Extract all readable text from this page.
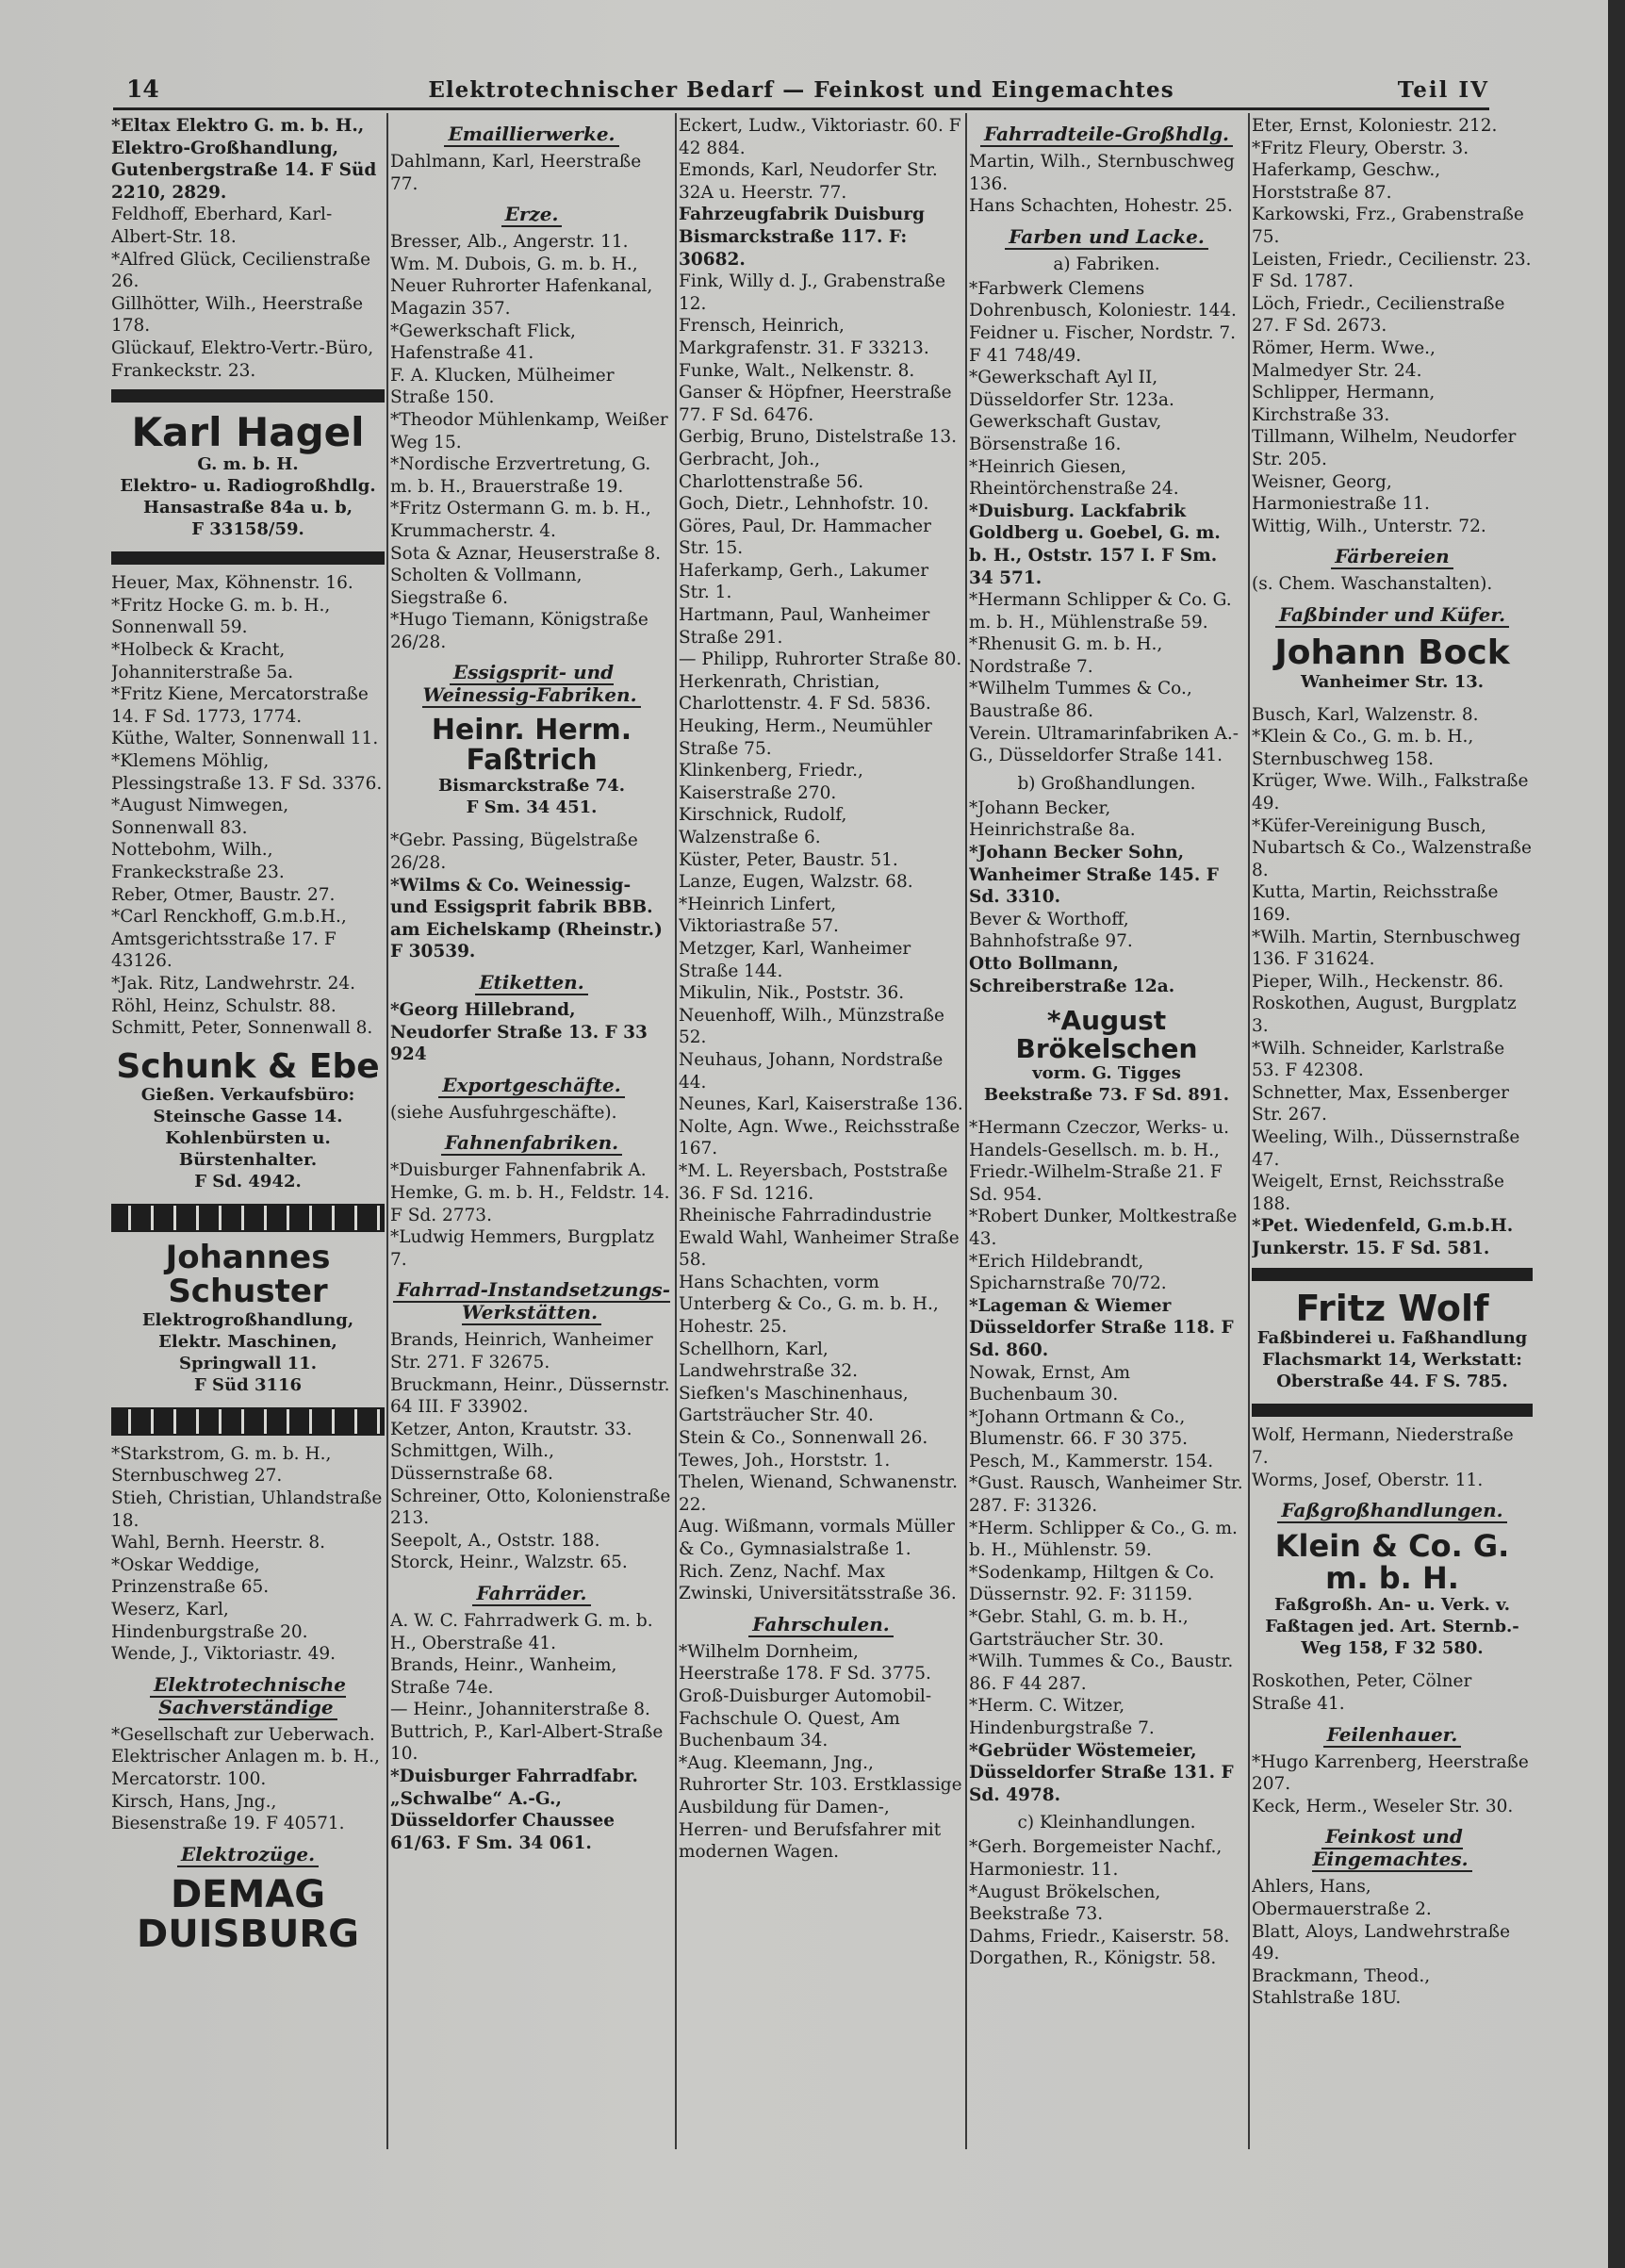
14	Elektrotechnischer Bedarf — Feinkost und Eingemachtes	Teil IV

*Eltax Elektro G. m. b. H., Elektro-Großhandlung, Gutenbergstraße 14. F Süd 2210, 2829.

Feldhoff, Eberhard, Karl-Albert-Str. 18.

*Alfred Glück, Cecilienstraße 26.

Gillhötter, Wilh., Heerstraße 178.

Glückauf, Elektro-Vertr.-Büro, Frankeckstr. 23.

Karl Hagel
G. m. b. H.
Elektro- u. Radiogroßhdlg.
Hansastraße 84a u. b,
F 33158/59.

Heuer, Max, Köhnenstr. 16.

*Fritz Hocke G. m. b. H., Sonnenwall 59.

*Holbeck & Kracht, Johanniterstraße 5a.

*Fritz Kiene, Mercatorstraße 14. F Sd. 1773, 1774.

Küthe, Walter, Sonnenwall 11.

*Klemens Möhlig, Plessingstraße 13. F Sd. 3376.

*August Nimwegen, Sonnenwall 83.

Nottebohm, Wilh., Frankeckstraße 23.

Reber, Otmer, Baustr. 27.

*Carl Renckhoff, G.m.b.H., Amtsgerichtsstraße 17. F 43126.

*Jak. Ritz, Landwehrstr. 24.

Röhl, Heinz, Schulstr. 88.

Schmitt, Peter, Sonnenwall 8.

Schunk & Ebe
Gießen. Verkaufsbüro: Steinsche Gasse 14. Kohlenbürsten u. Bürstenhalter.
F Sd. 4942.
Johannes Schuster
Elektrogroßhandlung, Elektr. Maschinen, Springwall 11.
F Süd 3116

*Starkstrom, G. m. b. H., Sternbuschweg 27.

Stieh, Christian, Uhlandstraße 18.

Wahl, Bernh. Heerstr. 8.

*Oskar Weddige, Prinzenstraße 65.

Weserz, Karl, Hindenburgstraße 20.

Wende, J., Viktoriastr. 49.

Elektrotechnische Sachverständige

*Gesellschaft zur Ueberwach. Elektrischer Anlagen m. b. H., Mercatorstr. 100.

Kirsch, Hans, Jng., Biesenstraße 19. F 40571.

Elektrozüge.
DEMAG DUISBURG
Emaillierwerke.

Dahlmann, Karl, Heerstraße 77.

Erze.

Bresser, Alb., Angerstr. 11.

Wm. M. Dubois, G. m. b. H., Neuer Ruhrorter Hafenkanal, Magazin 357.

*Gewerkschaft Flick, Hafenstraße 41.

F. A. Klucken, Mülheimer Straße 150.

*Theodor Mühlenkamp, Weißer Weg 15.

*Nordische Erzvertretung, G. m. b. H., Brauerstraße 19.

*Fritz Ostermann G. m. b. H., Krummacherstr. 4.

Sota & Aznar, Heuserstraße 8.

Scholten & Vollmann, Siegstraße 6.

*Hugo Tiemann, Königstraße 26/28.

Essigsprit- und Weinessig-Fabriken.
Heinr. Herm. Faßtrich
Bismarckstraße 74.
F Sm. 34 451.

*Gebr. Passing, Bügelstraße 26/28.

*Wilms & Co. Weinessig- und Essigsprit fabrik BBB. am Eichelskamp (Rheinstr.) F 30539.

Etiketten.

*Georg Hillebrand, Neudorfer Straße 13. F 33 924

Exportgeschäfte.

(siehe Ausfuhrgeschäfte).

Fahnenfabriken.

*Duisburger Fahnenfabrik A. Hemke, G. m. b. H., Feldstr. 14. F Sd. 2773.

*Ludwig Hemmers, Burgplatz 7.

Fahrrad-Instandsetzungs-Werkstätten.

Brands, Heinrich, Wanheimer Str. 271. F 32675.

Bruckmann, Heinr., Düssernstr. 64 III. F 33902.

Ketzer, Anton, Krautstr. 33.

Schmittgen, Wilh., Düssernstraße 68.

Schreiner, Otto, Kolonienstraße 213.

Seepolt, A., Oststr. 188.

Storck, Heinr., Walzstr. 65.

Fahrräder.

A. W. C. Fahrradwerk G. m. b. H., Oberstraße 41.

Brands, Heinr., Wanheim, Straße 74e.

— Heinr., Johanniterstraße 8.

Buttrich, P., Karl-Albert-Straße 10.

*Duisburger Fahrradfabr. „Schwalbe“ A.-G., Düsseldorfer Chaussee 61/63. F Sm. 34 061.

Eckert, Ludw., Viktoriastr. 60. F 42 884.

Emonds, Karl, Neudorfer Str. 32A u. Heerstr. 77.

Fahrzeugfabrik Duisburg Bismarckstraße 117. F: 30682.

Fink, Willy d. J., Grabenstraße 12.

Frensch, Heinrich, Markgrafenstr. 31. F 33213.

Funke, Walt., Nelkenstr. 8.

Ganser & Höpfner, Heerstraße 77. F Sd. 6476.

Gerbig, Bruno, Distelstraße 13.

Gerbracht, Joh., Charlottenstraße 56.

Goch, Dietr., Lehnhofstr. 10.

Göres, Paul, Dr. Hammacher Str. 15.

Haferkamp, Gerh., Lakumer Str. 1.

Hartmann, Paul, Wanheimer Straße 291.

— Philipp, Ruhrorter Straße 80.

Herkenrath, Christian, Charlottenstr. 4. F Sd. 5836.

Heuking, Herm., Neumühler Straße 75.

Klinkenberg, Friedr., Kaiserstraße 270.

Kirschnick, Rudolf, Walzenstraße 6.

Küster, Peter, Baustr. 51.

Lanze, Eugen, Walzstr. 68.

*Heinrich Linfert, Viktoriastraße 57.

Metzger, Karl, Wanheimer Straße 144.

Mikulin, Nik., Poststr. 36.

Neuenhoff, Wilh., Münzstraße 52.

Neuhaus, Johann, Nordstraße 44.

Neunes, Karl, Kaiserstraße 136.

Nolte, Agn. Wwe., Reichsstraße 167.

*M. L. Reyersbach, Poststraße 36. F Sd. 1216.

Rheinische Fahrradindustrie Ewald Wahl, Wanheimer Straße 58.

Hans Schachten, vorm Unterberg & Co., G. m. b. H., Hohestr. 25.

Schellhorn, Karl, Landwehrstraße 32.

Siefken's Maschinenhaus, Gartsträucher Str. 40.

Stein & Co., Sonnenwall 26.

Tewes, Joh., Horststr. 1.

Thelen, Wienand, Schwanenstr. 22.

Aug. Wißmann, vormals Müller & Co., Gymnasialstraße 1.

Rich. Zenz, Nachf. Max Zwinski, Universitätsstraße 36.

Fahrschulen.

*Wilhelm Dornheim, Heerstraße 178. F Sd. 3775.

Groß-Duisburger Automobil-Fachschule O. Quest, Am Buchenbaum 34.

*Aug. Kleemann, Jng., Ruhrorter Str. 103. Erstklassige Ausbildung für Damen-, Herren- und Berufsfahrer mit modernen Wagen.

Fahrradteile-Großhdlg.

Martin, Wilh., Sternbuschweg 136.

Hans Schachten, Hohestr. 25.

Farben und Lacke.
a) Fabriken.

*Farbwerk Clemens Dohrenbusch, Koloniestr. 144.

Feidner u. Fischer, Nordstr. 7. F 41 748/49.

*Gewerkschaft Ayl II, Düsseldorfer Str. 123a.

Gewerkschaft Gustav, Börsenstraße 16.

*Heinrich Giesen, Rheintörchenstraße 24.

*Duisburg. Lackfabrik Goldberg u. Goebel, G. m. b. H., Oststr. 157 I. F Sm. 34 571.

*Hermann Schlipper & Co. G. m. b. H., Mühlenstraße 59.

*Rhenusit G. m. b. H., Nordstraße 7.

*Wilhelm Tummes & Co., Baustraße 86.

Verein. Ultramarinfabriken A.-G., Düsseldorfer Straße 141.

b) Großhandlungen.

*Johann Becker, Heinrichstraße 8a.

*Johann Becker Sohn, Wanheimer Straße 145. F Sd. 3310.

Bever & Worthoff, Bahnhofstraße 97.

Otto Bollmann, Schreiberstraße 12a.

*August Brökelschen
vorm. G. Tigges
Beekstraße 73. F Sd. 891.

*Hermann Czeczor, Werks- u. Handels-Gesellsch. m. b. H., Friedr.-Wilhelm-Straße 21. F Sd. 954.

*Robert Dunker, Moltkestraße 43.

*Erich Hildebrandt, Spicharnstraße 70/72.

*Lageman & Wiemer Düsseldorfer Straße 118. F Sd. 860.

Nowak, Ernst, Am Buchenbaum 30.

*Johann Ortmann & Co., Blumenstr. 66. F 30 375.

Pesch, M., Kammerstr. 154.

*Gust. Rausch, Wanheimer Str. 287. F: 31326.

*Herm. Schlipper & Co., G. m. b. H., Mühlenstr. 59.

*Sodenkamp, Hiltgen & Co. Düssernstr. 92. F: 31159.

*Gebr. Stahl, G. m. b. H., Gartsträucher Str. 30.

*Wilh. Tummes & Co., Baustr. 86. F 44 287.

*Herm. C. Witzer, Hindenburgstraße 7.

*Gebrüder Wöstemeier, Düsseldorfer Straße 131. F Sd. 4978.

c) Kleinhandlungen.

*Gerh. Borgemeister Nachf., Harmoniestr. 11.

*August Brökelschen, Beekstraße 73.

Dahms, Friedr., Kaiserstr. 58.

Dorgathen, R., Königstr. 58.

Eter, Ernst, Koloniestr. 212.

*Fritz Fleury, Oberstr. 3.

Haferkamp, Geschw., Horststraße 87.

Karkowski, Frz., Grabenstraße 75.

Leisten, Friedr., Cecilienstr. 23. F Sd. 1787.

Löch, Friedr., Cecilienstraße 27. F Sd. 2673.

Römer, Herm. Wwe., Malmedyer Str. 24.

Schlipper, Hermann, Kirchstraße 33.

Tillmann, Wilhelm, Neudorfer Str. 205.

Weisner, Georg, Harmoniestraße 11.

Wittig, Wilh., Unterstr. 72.

Färbereien

(s. Chem. Waschanstalten).

Faßbinder und Küfer.
Johann Bock
Wanheimer Str. 13.

Busch, Karl, Walzenstr. 8.

*Klein & Co., G. m. b. H., Sternbuschweg 158.

Krüger, Wwe. Wilh., Falkstraße 49.

*Küfer-Vereinigung Busch, Nubartsch & Co., Walzenstraße 8.

Kutta, Martin, Reichsstraße 169.

*Wilh. Martin, Sternbuschweg 136. F 31624.

Pieper, Wilh., Heckenstr. 86.

Roskothen, August, Burgplatz 3.

*Wilh. Schneider, Karlstraße 53. F 42308.

Schnetter, Max, Essenberger Str. 267.

Weeling, Wilh., Düssernstraße 47.

Weigelt, Ernst, Reichsstraße 188.

*Pet. Wiedenfeld, G.m.b.H. Junkerstr. 15. F Sd. 581.

Fritz Wolf
Faßbinderei u. Faßhandlung Flachsmarkt 14, Werkstatt: Oberstraße 44. F S. 785.

Wolf, Hermann, Niederstraße 7.

Worms, Josef, Oberstr. 11.

Faßgroßhandlungen.
Klein & Co. G. m. b. H.
Faßgroßh. An- u. Verk. v. Faßtagen jed. Art. Sternb.-Weg 158, F 32 580.

Roskothen, Peter, Cölner Straße 41.

Feilenhauer.

*Hugo Karrenberg, Heerstraße 207.

Keck, Herm., Weseler Str. 30.

Feinkost und Eingemachtes.

Ahlers, Hans, Obermauerstraße 2.

Blatt, Aloys, Landwehrstraße 49.

Brackmann, Theod., Stahlstraße 18U.
